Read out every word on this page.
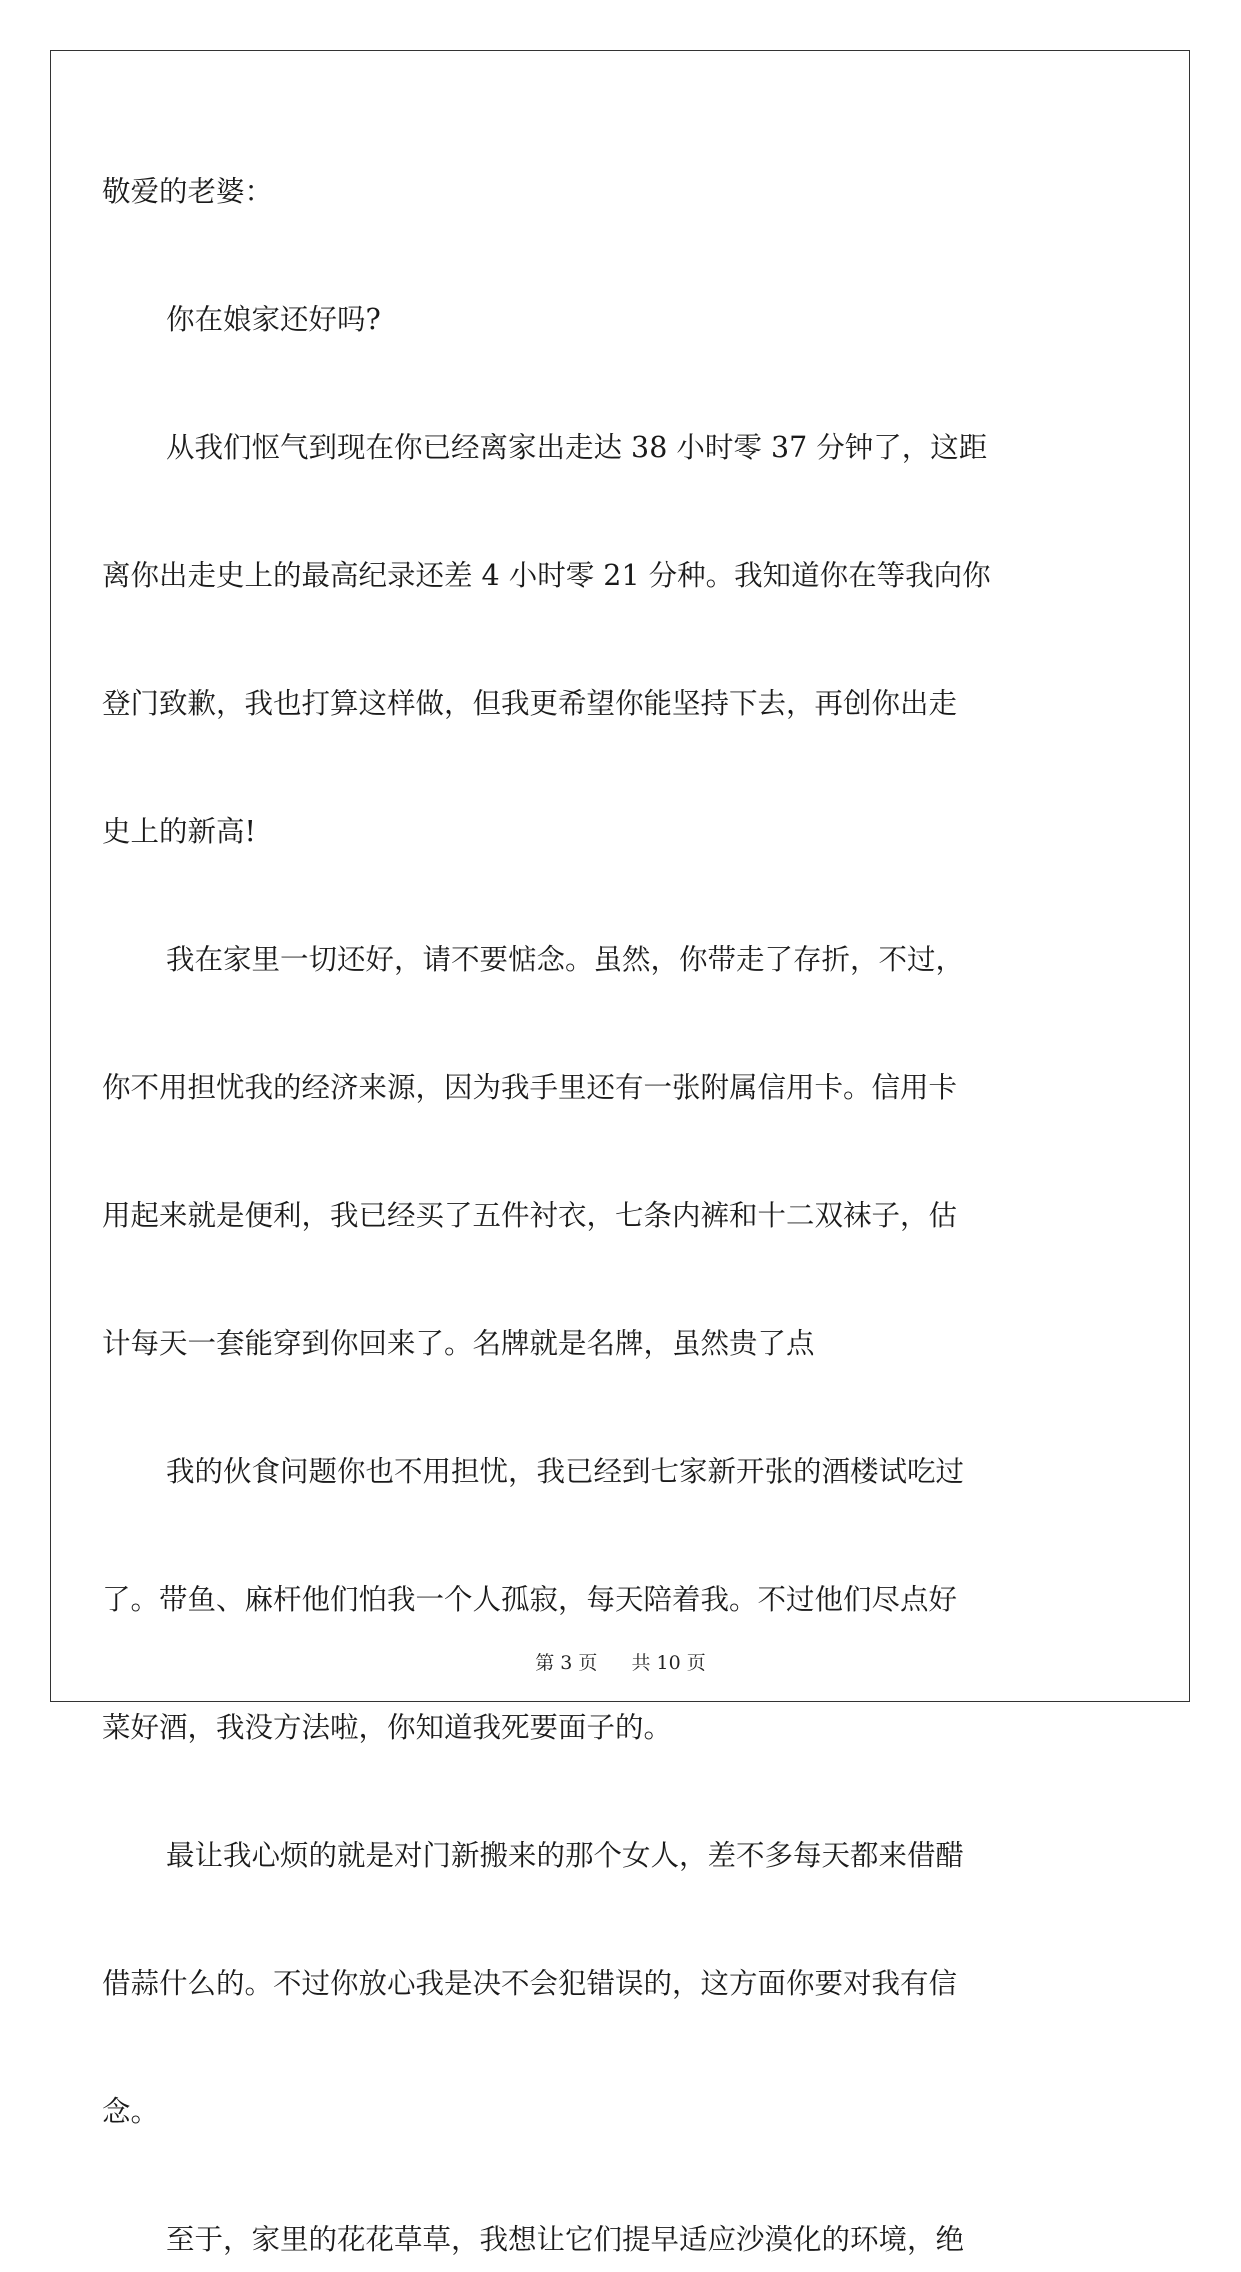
敬爱的老婆：
你在娘家还好吗?
从我们怄气到现在你已经离家出走达 38 小时零 37 分钟了，这距
离你出走史上的最高纪录还差 4 小时零 21 分种。我知道你在等我向你
登门致歉，我也打算这样做，但我更希望你能坚持下去，再创你出走
史上的新高!
我在家里一切还好，请不要惦念。虽然，你带走了存折，不过，
你不用担忧我的经济来源，因为我手里还有一张附属信用卡。信用卡
用起来就是便利，我已经买了五件衬衣，七条内裤和十二双袜子，估
计每天一套能穿到你回来了。名牌就是名牌，虽然贵了点
我的伙食问题你也不用担忧，我已经到七家新开张的酒楼试吃过
了。带鱼、麻杆他们怕我一个人孤寂，每天陪着我。不过他们尽点好
菜好酒，我没方法啦，你知道我死要面子的。
最让我心烦的就是对门新搬来的那个女人，差不多每天都来借醋
借蒜什么的。不过你放心我是决不会犯错误的，这方面你要对我有信
念。
至于，家里的花花草草，我想让它们提早适应沙漠化的环境，绝
第 3 页 共 10 页
